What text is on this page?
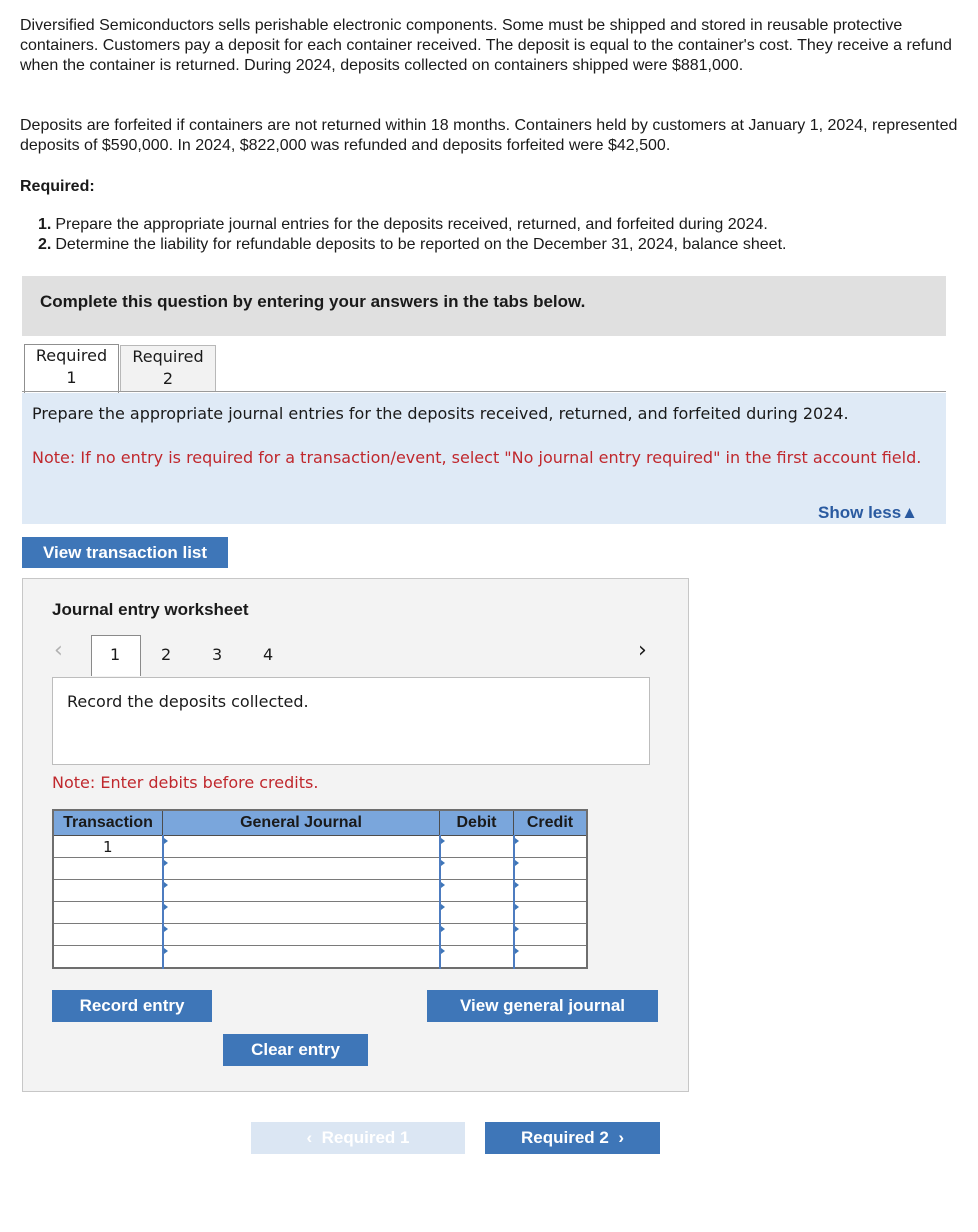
Diversified Semiconductors sells perishable electronic components. Some must be shipped and stored in reusable protective containers. Customers pay a deposit for each container received. The deposit is equal to the container's cost. They receive a refund when the container is returned. During 2024, deposits collected on containers shipped were $881,000.

Deposits are forfeited if containers are not returned within 18 months. Containers held by customers at January 1, 2024, represented deposits of $590,000. In 2024, $822,000 was refunded and deposits forfeited were $42,500.

Required:
1. Prepare the appropriate journal entries for the deposits received, returned, and forfeited during 2024.
2. Determine the liability for refundable deposits to be reported on the December 31, 2024, balance sheet.
Complete this question by entering your answers in the tabs below.
Required
1
Required
2

Prepare the appropriate journal entries for the deposits received, returned, and forfeited during 2024.

Note: If no entry is required for a transaction/event, select "No journal entry required" in the first account field.

Show less▲
View transaction list
Journal entry worksheet
‹	1	2	3	4	›
Record the deposits collected.
Note: Enter debits before credits.
Transaction	General Journal	Debit	Credit
1	

Record entry	View general journal
Clear entry
‹  Required 1	Required 2  ›
